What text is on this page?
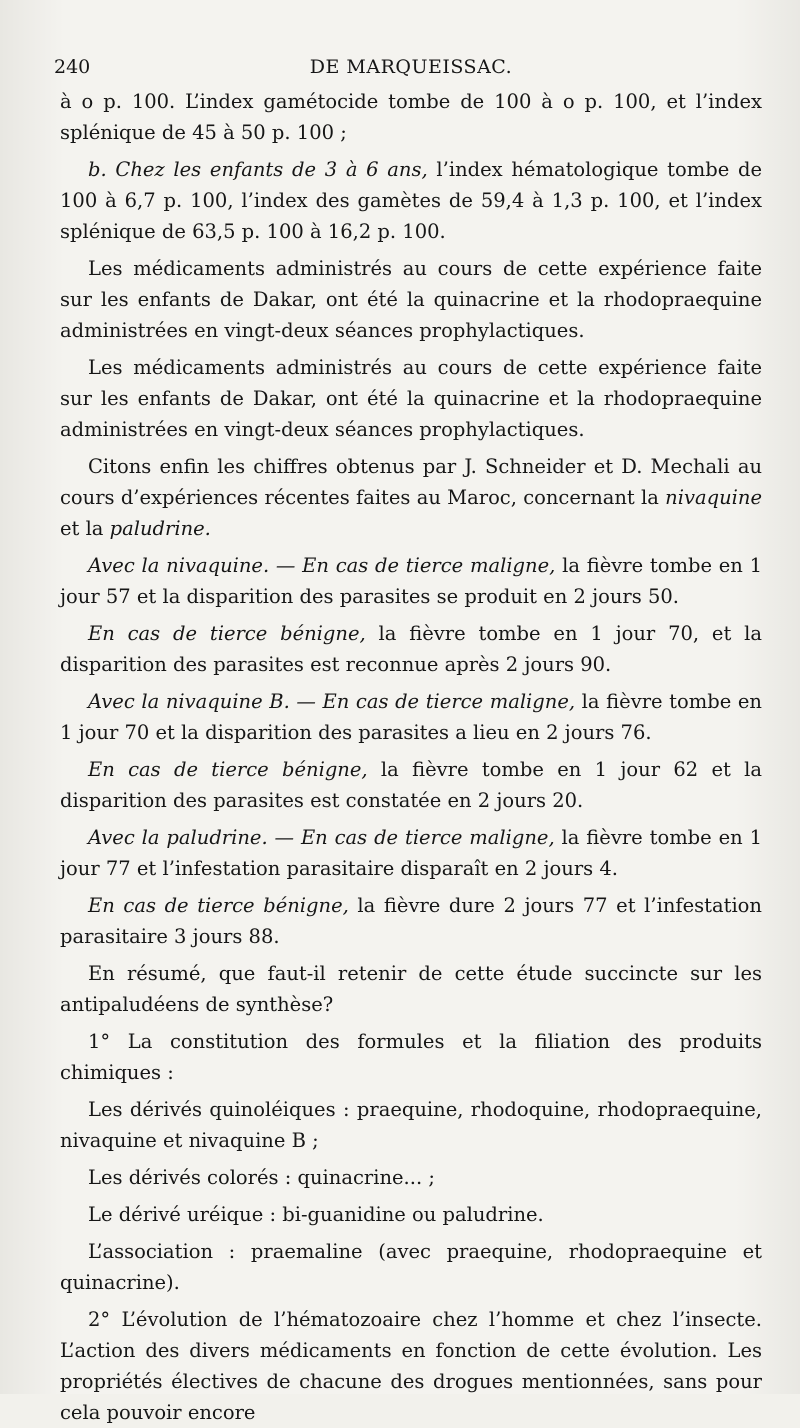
240	DE MARQUEISSAC.

à o p. 100. L’index gamétocide tombe de 100 à o p. 100, et l’index splénique de 45 à 50 p. 100 ;

b. Chez les enfants de 3 à 6 ans, l’index hématologique tombe de 100 à 6,7 p. 100, l’index des gamètes de 59,4 à 1,3 p. 100, et l’index splénique de 63,5 p. 100 à 16,2 p. 100.

Les médicaments administrés au cours de cette expérience faite sur les enfants de Dakar, ont été la quinacrine et la rhodopraequine administrées en vingt-deux séances prophylactiques.

Les médicaments administrés au cours de cette expérience faite sur les enfants de Dakar, ont été la quinacrine et la rhodopraequine administrées en vingt-deux séances prophylactiques.

Citons enfin les chiffres obtenus par J. Schneider et D. Mechali au cours d’expériences récentes faites au Maroc, concernant la nivaquine et la paludrine.

Avec la nivaquine. — En cas de tierce maligne, la fièvre tombe en 1 jour 57 et la disparition des parasites se produit en 2 jours 50.

En cas de tierce bénigne, la fièvre tombe en 1 jour 70, et la disparition des parasites est reconnue après 2 jours 90.

Avec la nivaquine B. — En cas de tierce maligne, la fièvre tombe en 1 jour 70 et la disparition des parasites a lieu en 2 jours 76.

En cas de tierce bénigne, la fièvre tombe en 1 jour 62 et la disparition des parasites est constatée en 2 jours 20.

Avec la paludrine. — En cas de tierce maligne, la fièvre tombe en 1 jour 77 et l’infestation parasitaire disparaît en 2 jours 4.

En cas de tierce bénigne, la fièvre dure 2 jours 77 et l’infestation parasitaire 3 jours 88.

En résumé, que faut-il retenir de cette étude succincte sur les antipaludéens de synthèse?

1° La constitution des formules et la filiation des produits chimiques :

Les dérivés quinoléiques : praequine, rhodoquine, rhodopraequine, nivaquine et nivaquine B ;

Les dérivés colorés : quinacrine... ;

Le dérivé uréique : bi-guanidine ou paludrine.

L’association : praemaline (avec praequine, rhodopraequine et quinacrine).

2° L’évolution de l’hématozoaire chez l’homme et chez l’insecte. L’action des divers médicaments en fonction de cette évolution. Les propriétés électives de chacune des drogues mentionnées, sans pour cela pouvoir encore
